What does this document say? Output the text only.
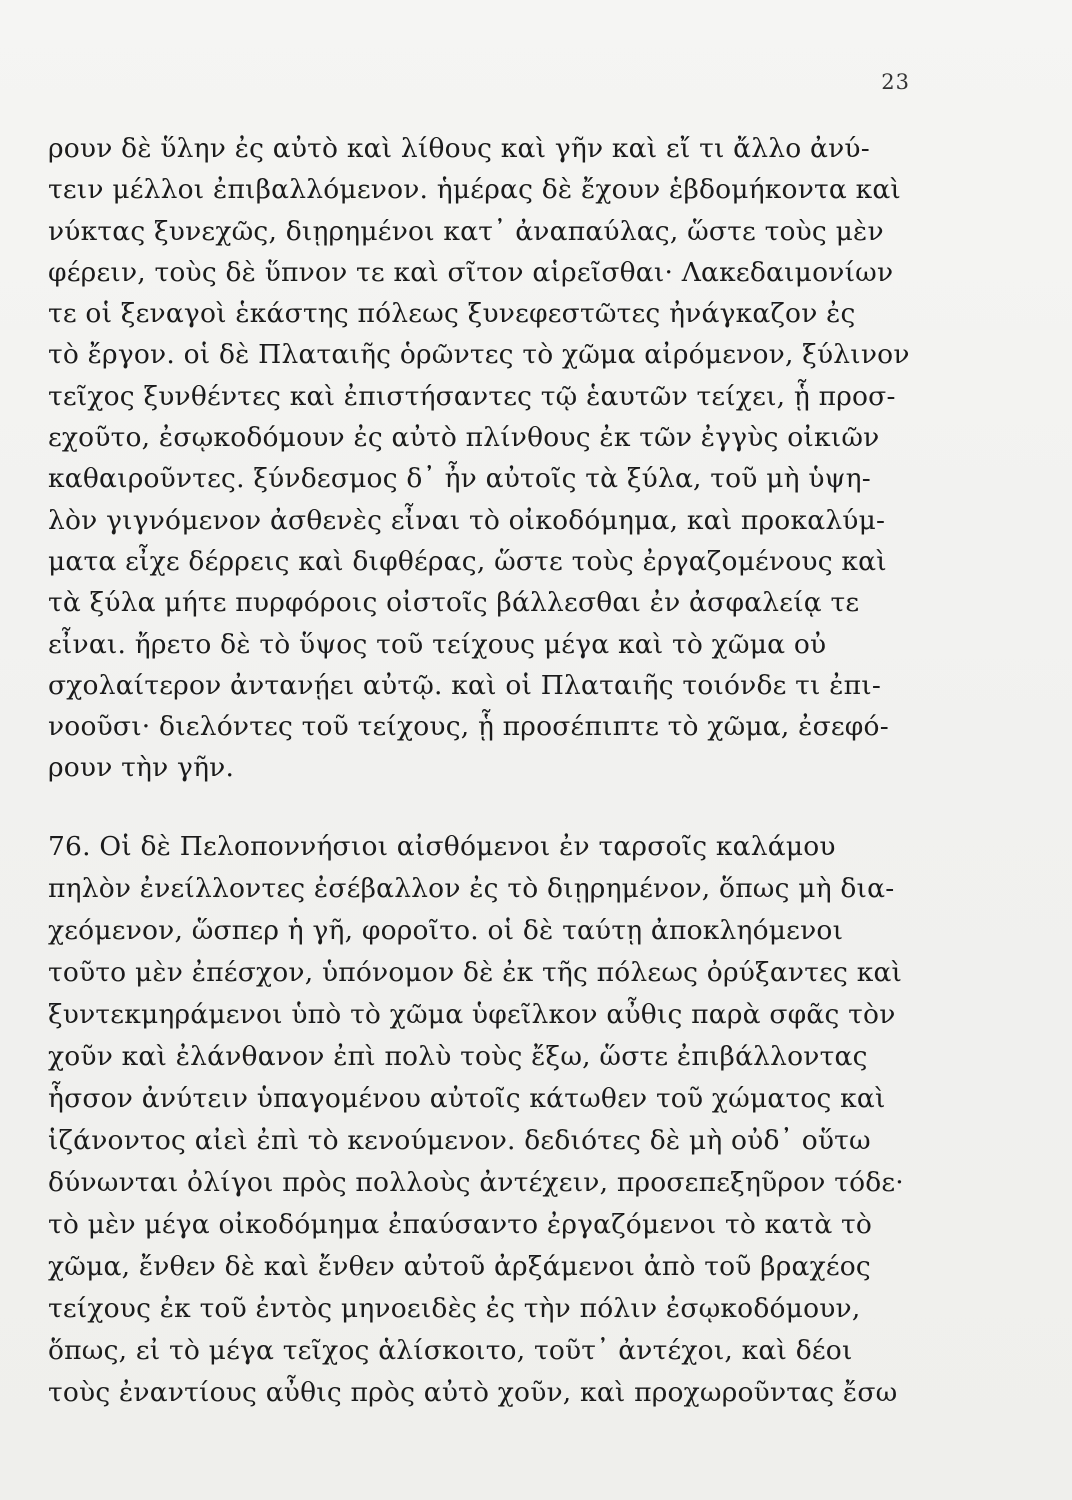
23
ρουν δὲ ὕλην ἐς αὐτὸ καὶ λίθους καὶ γῆν καὶ εἴ τι ἄλλο ἀνύ-
τειν μέλλοι ἐπιβαλλόμενον. ἡμέρας δὲ ἔχουν ἑβδομήκοντα καὶ
νύκτας ξυνεχῶς, διῃρημένοι κατ᾽ ἀναπαύλας, ὥστε τοὺς μὲν
φέρειν, τοὺς δὲ ὕπνον τε καὶ σῖτον αἱρεῖσθαι· Λακεδαιμονίων
τε οἱ ξεναγοὶ ἑκάστης πόλεως ξυνεφεστῶτες ἠνάγκαζον ἐς
τὸ ἔργον. οἱ δὲ Πλαταιῆς ὁρῶντες τὸ χῶμα αἰρόμενον, ξύλινον
τεῖχος ξυνθέντες καὶ ἐπιστήσαντες τῷ ἑαυτῶν τείχει, ᾗ προσ-
εχοῦτο, ἐσῳκοδόμουν ἐς αὐτὸ πλίνθους ἐκ τῶν ἐγγὺς οἰκιῶν
καθαιροῦντες. ξύνδεσμος δ᾽ ἦν αὐτοῖς τὰ ξύλα, τοῦ μὴ ὑψη-
λὸν γιγνόμενον ἀσθενὲς εἶναι τὸ οἰκοδόμημα, καὶ προκαλύμ-
ματα εἶχε δέρρεις καὶ διφθέρας, ὥστε τοὺς ἐργαζομένους καὶ
τὰ ξύλα μήτε πυρφόροις οἰστοῖς βάλλεσθαι ἐν ἀσφαλείᾳ τε
εἶναι. ἤρετο δὲ τὸ ὕψος τοῦ τείχους μέγα καὶ τὸ χῶμα οὐ
σχολαίτερον ἀντανῄει αὐτῷ. καὶ οἱ Πλαταιῆς τοιόνδε τι ἐπι-
νοοῦσι· διελόντες τοῦ τείχους, ᾗ προσέπιπτε τὸ χῶμα, ἐσεφό-
ρουν τὴν γῆν.
76. Οἱ δὲ Πελοποννήσιοι αἰσθόμενοι ἐν ταρσοῖς καλάμου
πηλὸν ἐνείλλοντες ἐσέβαλλον ἐς τὸ διῃρημένον, ὅπως μὴ δια-
χεόμενον, ὥσπερ ἡ γῆ, φοροῖτο. οἱ δὲ ταύτῃ ἀποκληόμενοι
τοῦτο μὲν ἐπέσχον, ὑπόνομον δὲ ἐκ τῆς πόλεως ὀρύξαντες καὶ
ξυντεκμηράμενοι ὑπὸ τὸ χῶμα ὑφεῖλκον αὖθις παρὰ σφᾶς τὸν
χοῦν καὶ ἐλάνθανον ἐπὶ πολὺ τοὺς ἔξω, ὥστε ἐπιβάλλοντας
ἧσσον ἀνύτειν ὑπαγομένου αὐτοῖς κάτωθεν τοῦ χώματος καὶ
ἱζάνοντος αἰεὶ ἐπὶ τὸ κενούμενον. δεδιότες δὲ μὴ οὐδ᾽ οὕτω
δύνωνται ὀλίγοι πρὸς πολλοὺς ἀντέχειν, προσεπεξηῦρον τόδε·
τὸ μὲν μέγα οἰκοδόμημα ἐπαύσαντο ἐργαζόμενοι τὸ κατὰ τὸ
χῶμα, ἔνθεν δὲ καὶ ἔνθεν αὐτοῦ ἀρξάμενοι ἀπὸ τοῦ βραχέος
τείχους ἐκ τοῦ ἐντὸς μηνοειδὲς ἐς τὴν πόλιν ἐσῳκοδόμουν,
ὅπως, εἰ τὸ μέγα τεῖχος ἁλίσκοιτο, τοῦτ᾽ ἀντέχοι, καὶ δέοι
τοὺς ἐναντίους αὖθις πρὸς αὐτὸ χοῦν, καὶ προχωροῦντας ἔσω
